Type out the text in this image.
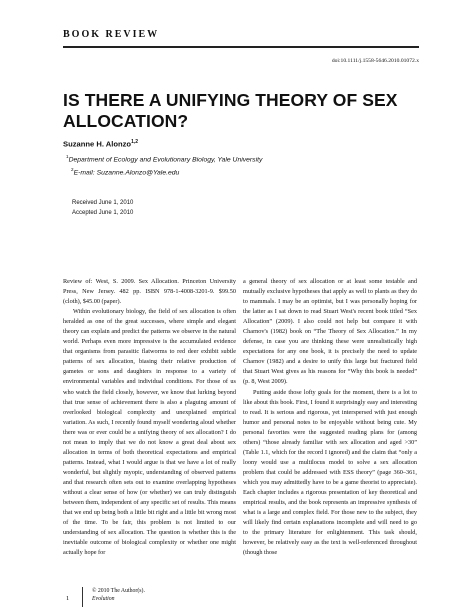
BOOK REVIEW
doi:10.1111/j.1558-5646.2010.01072.x
IS THERE A UNIFYING THEORY OF SEX ALLOCATION?
Suzanne H. Alonzo$^{1,2}$
$^1$Department of Ecology and Evolutionary Biology, Yale University
$^2$E-mail: Suzanne.Alonzo@Yale.edu
Received June 1, 2010
Accepted June 1, 2010

Review of: West, S. 2009. Sex Allocation. Princeton University Press, New Jersey. 482 pp. ISBN 978-1-4008-3201-9. $99.50 (cloth), $45.00 (paper).

Within evolutionary biology, the field of sex allocation is often heralded as one of the great successes, where simple and elegant theory can explain and predict the patterns we observe in the natural world. Perhaps even more impressive is the accumulated evidence that organisms from parasitic flatworms to red deer exhibit subtle patterns of sex allocation, biasing their relative production of gametes or sons and daughters in response to a variety of environmental variables and individual conditions. For those of us who watch the field closely, however, we know that lurking beyond that true sense of achievement there is also a plaguing amount of overlooked biological complexity and unexplained empirical variation. As such, I recently found myself wondering aloud whether there was or ever could be a unifying theory of sex allocation? I do not mean to imply that we do not know a great deal about sex allocation in terms of both theoretical expectations and empirical patterns. Instead, what I would argue is that we have a lot of really wonderful, but slightly myopic, understanding of observed patterns and that research often sets out to examine overlapping hypotheses without a clear sense of how (or whether) we can truly distinguish between them, independent of any specific set of results. This means that we end up being both a little bit right and a little bit wrong most of the time. To be fair, this problem is not limited to our understanding of sex allocation. The question is whether this is the inevitable outcome of biological complexity or whether one might actually hope for

a general theory of sex allocation or at least some testable and mutually exclusive hypotheses that apply as well to plants as they do to mammals. I may be an optimist, but I was personally hoping for the latter as I sat down to read Stuart West's recent book titled “Sex Allocation” (2009). I also could not help but compare it with Charnov's (1982) book on “The Theory of Sex Allocation.” In my defense, in case you are thinking these were unrealistically high expectations for any one book, it is precisely the need to update Charnov (1982) and a desire to unify this large but fractured field that Stuart West gives as his reasons for “Why this book is needed” (p. 8, West 2009).

Putting aside those lofty goals for the moment, there is a lot to like about this book. First, I found it surprisingly easy and interesting to read. It is serious and rigorous, yet interspersed with just enough humor and personal notes to be enjoyable without being cute. My personal favorites were the suggested reading plans for (among others) “those already familiar with sex allocation and aged >30” (Table 1.1, which for the record I ignored) and the claim that “only a loony would use a multilocus model to solve a sex allocation problem that could be addressed with ESS theory” (page 360–361, which you may admittedly have to be a game theorist to appreciate). Each chapter includes a rigorous presentation of key theoretical and empirical results, and the book represents an impressive synthesis of what is a large and complex field. For those new to the subject, they will likely find certain explanations incomplete and will need to go to the primary literature for enlightenment. This task should, however, be relatively easy as the text is well-referenced throughout (though those

1
© 2010 The Author(s).
Evolution
